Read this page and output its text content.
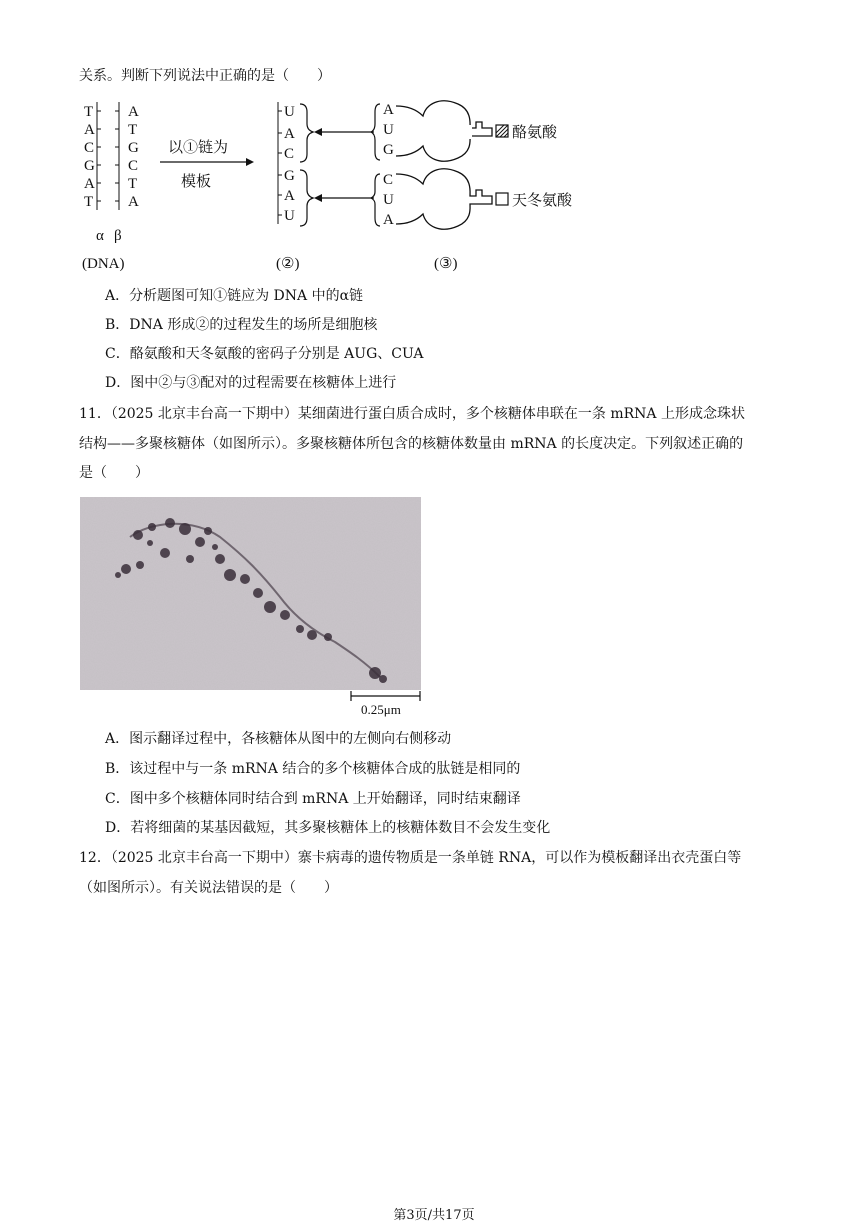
关系。判断下列说法中正确的是（　　）
T
A
C
G
A
T
A
T
G
C
T
A
α β
(DNA)
以①链为
模板
U
A
C
G
A
U
(②)
A
U
G
酪氨酸
C
U
A
天冬氨酸
(③)
A．分析题图可知①链应为 DNA 中的α链
B．DNA 形成②的过程发生的场所是细胞核
C．酪氨酸和天冬氨酸的密码子分别是 AUG、CUA
D．图中②与③配对的过程需要在核糖体上进行
11．（2025 北京丰台高一下期中）某细菌进行蛋白质合成时，多个核糖体串联在一条 mRNA 上形成念珠状
结构——多聚核糖体（如图所示）。多聚核糖体所包含的核糖体数量由 mRNA 的长度决定。下列叙述正确的
是（　　）
0.25μm
A．图示翻译过程中，各核糖体从图中的左侧向右侧移动
B．该过程中与一条 mRNA 结合的多个核糖体合成的肽链是相同的
C．图中多个核糖体同时结合到 mRNA 上开始翻译，同时结束翻译
D．若将细菌的某基因截短，其多聚核糖体上的核糖体数目不会发生变化
12．（2025 北京丰台高一下期中）寨卡病毒的遗传物质是一条单链 RNA，可以作为模板翻译出衣壳蛋白等
（如图所示）。有关说法错误的是（　　）
第3页/共17页
